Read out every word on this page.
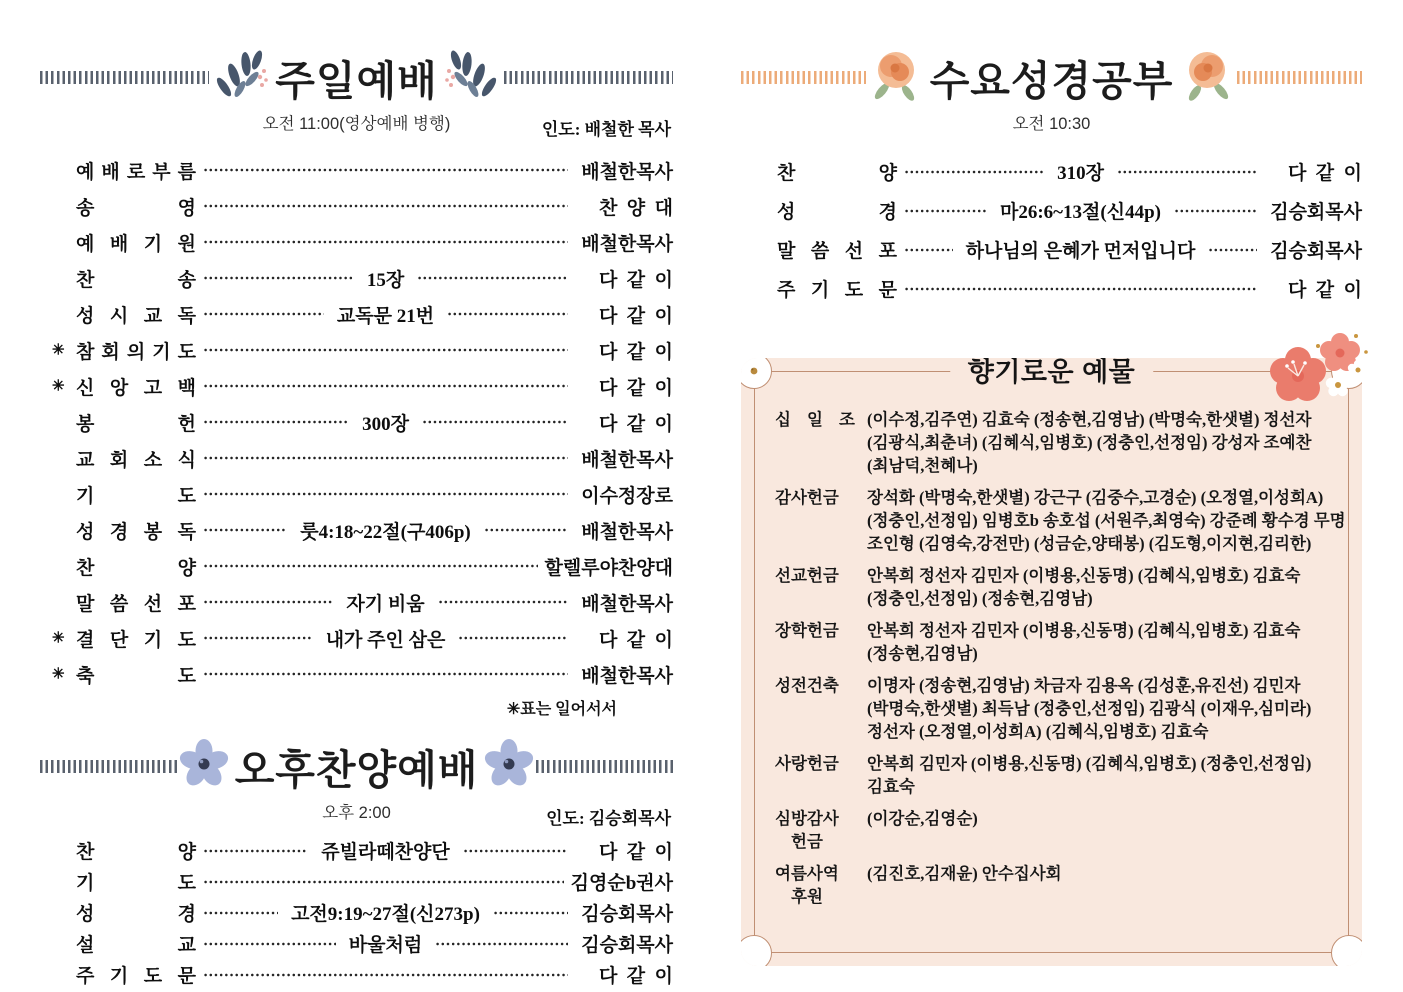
주일예배
오전 11:00(영상예배 병행)	인도: 배철한 목사
예 배 로 부 름	배철한목사
송 영	찬  양  대
예 배 기 원	배철한목사
찬 송	15장	다  같  이
성 시 교 독	교독문 21번	다  같  이
✳ 참 회 의 기 도	다  같  이
✳ 신 앙 고 백	다  같  이
봉 헌	300장	다  같  이
교 회 소 식	배철한목사
기 도	이수정장로
성 경 봉 독	룻4:18~22절(구406p)	배철한목사
찬 양	할렐루야찬양대
말 씀 선 포	자기 비움	배철한목사
✳ 결 단 기 도	내가 주인 삼은	다  같  이
✳ 축 도	배철한목사
✳표는 일어서서
오후찬양예배
오후 2:00	인도: 김승회목사
찬 양	쥬빌라떼찬양단	다  같  이
기 도	김영순b권사
성 경	고전9:19~27절(신273p)	김승회목사
설 교	바울처럼	김승회목사
주 기 도 문	다  같  이
수요성경공부
오전 10:30
찬 양	310장	다  같  이
성 경	마26:6~13절(신44p)	김승회목사
말 씀 선 포	하나님의 은혜가 먼저입니다	김승회목사
주 기 도 문	다  같  이
향기로운 예물
십 일 조 (이수정,김주연) 김효숙 (정송현,김영남) (박명숙,한샛별) 정선자
(김광식,최춘녀) (김혜식,임병호) (정충인,선정임) 강성자 조예찬
(최남덕,천혜나)
감사헌금	장석화 (박명숙,한샛별) 강근구 (김중수,고경순) (오정열,이성희A)
(정충인,선정임) 임병호b 송호섭 (서원주,최영숙) 강준례 황수경 무명
조인형 (김영숙,강전만) (성금순,양태봉) (김도형,이지현,김리한)
선교헌금	안복희 정선자 김민자 (이병용,신동명) (김혜식,임병호) 김효숙
(정충인,선정임) (정송현,김영남)
장학헌금	안복희 정선자 김민자 (이병용,신동명) (김혜식,임병호) 김효숙
(정송현,김영남)
성전건축	이명자 (정송현,김영남) 차금자 김용옥 (김성훈,유진선) 김민자
(박명숙,한샛별) 최득남 (정충인,선정임) 김광식 (이재우,심미라)
정선자 (오정열,이성희A) (김혜식,임병호) 김효숙
사랑헌금	안복희 김민자 (이병용,신동명) (김혜식,임병호) (정충인,선정임)
김효숙
심방감사
헌금
(이강순,김영순)
여름사역
후원
(김진호,김재윤) 안수집사회
